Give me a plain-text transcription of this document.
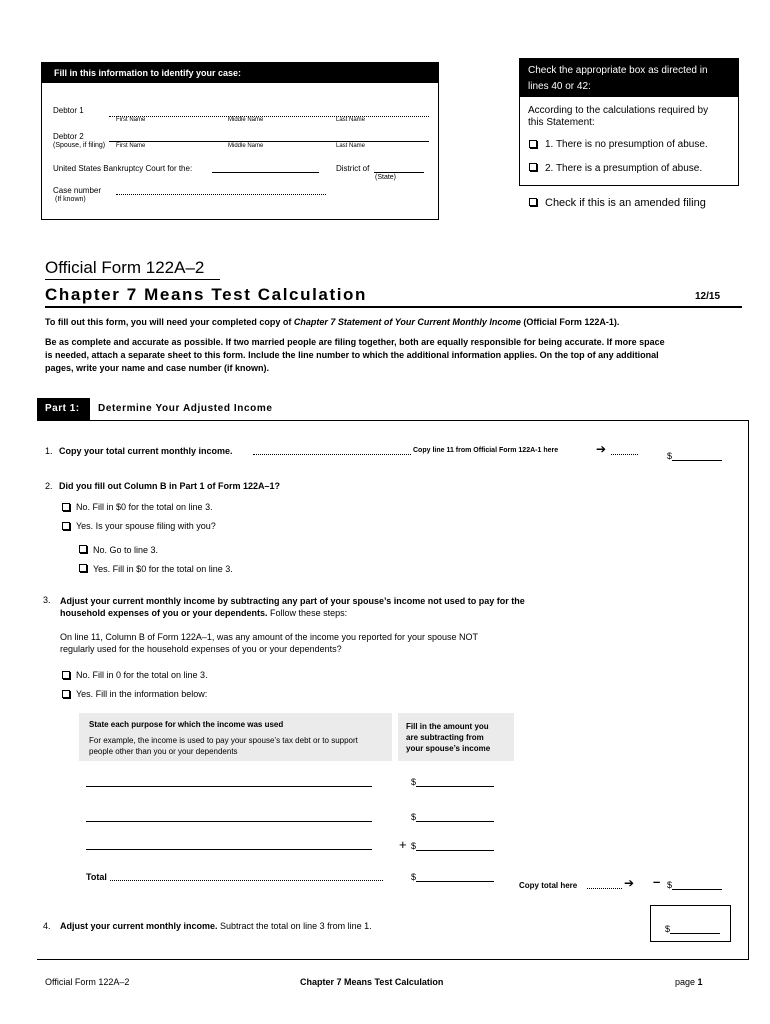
Fill in this information to identify your case:
Debtor 1
First Name	Middle Name	Last Name
Debtor 2
(Spouse, if filing) First Name	Middle Name	Last Name
United States Bankruptcy Court for the:	District of
(State)
Case number
(If known)
Check the appropriate box as directed in
lines 40 or 42:
According to the calculations required by
this Statement:
1. There is no presumption of abuse.
2. There is a presumption of abuse.
Check if this is an amended filing
Official Form 122A–2
Chapter 7 Means Test Calculation	12/15
To fill out this form, you will need your completed copy of Chapter 7 Statement of Your Current Monthly Income (Official Form 122A-1).
Be as complete and accurate as possible. If two married people are filing together, both are equally responsible for being accurate. If more space
is needed, attach a separate sheet to this form. Include the line number to which the additional information applies. On the top of any additional
pages, write your name and case number (if known).
Part 1:	Determine Your Adjusted Income
1. Copy your total current monthly income.	Copy line 11 from Official Form 122A-1 here	➔	$
2. Did you fill out Column B in Part 1 of Form 122A–1?
No. Fill in $0 for the total on line 3.
Yes. Is your spouse filing with you?
No. Go to line 3.
Yes. Fill in $0 for the total on line 3.
3. Adjust your current monthly income by subtracting any part of your spouse’s income not used to pay for the
household expenses of you or your dependents. Follow these steps:
On line 11, Column B of Form 122A–1, was any amount of the income you reported for your spouse NOT
regularly used for the household expenses of you or your dependents?
No. Fill in 0 for the total on line 3.
Yes. Fill in the information below:
State each purpose for which the income was used
For example, the income is used to pay your spouse’s tax debt or to support
people other than you or your dependents
Fill in the amount you
are subtracting from
your spouse’s income
$
$
+ $
Total	$
Copy total here	➔ – $
4. Adjust your current monthly income. Subtract the total on line 3 from line 1.	$
Official Form 122A–2	Chapter 7 Means Test Calculation	page 1
